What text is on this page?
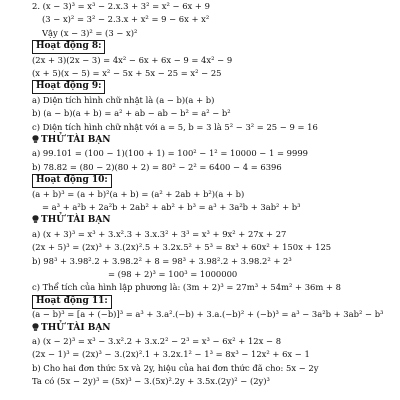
2. (x − 3)³ = x³ − 2.x.3 + 3² = x² − 6x + 9
(3 − x)² = 3² − 2.3.x + x² = 9 − 6x + x²
Vậy (x − 3)² = (3 − x)²
Hoạt động 8:
(2x + 3)(2x − 3) = 4x² − 6x + 6x − 9 = 4x² − 9
(x + 5)(x − 5) = x² − 5x + 5x − 25 = x² − 25
Hoạt động 9:
a) Diện tích hình chữ nhật là (a − b)(a + b)
b) (a − b)(a + b) = a² + ab − ab − b² = a² − b²
c) Diện tích hình chữ nhật với a = 5, b = 3 là 5² − 3² = 25 − 9 = 16
THỬ TÀI BẠN
a) 99.101 = (100 − 1)(100 + 1) = 100² − 1² = 10000 − 1 = 9999
b) 78.82 = (80 − 2)(80 + 2) = 80² − 2² = 6400 − 4 = 6396
Hoạt động 10:
(a + b)³ = (a + b)²(a + b) = (a² + 2ab + b²)(a + b)
= a³ + a²b + 2a²b + 2ab² + ab² + b³ = a³ + 3a²b + 3ab² + b³
THỬ TÀI BẠN
a) (x + 3)³ = x³ + 3.x².3 + 3.x.3² + 3³ = x³ + 9x² + 27x + 27
(2x + 5)³ = (2x)³ + 3.(2x)².5 + 3.2x.5² + 5³ = 8x³ + 60x² + 150x + 125
b) 98³ + 3.98².2 + 3.98.2² + 8 = 98³ + 3.98².2 + 3.98.2² + 2³
= (98 + 2)³ = 100³ = 1000000
c) Thể tích của hình lập phương là: (3m + 2)³ = 27m³ + 54m² + 36m + 8
Hoạt động 11:
(a − b)³ = [a + (−b)]³ = a³ + 3.a².(−b) + 3.a.(−b)² + (−b)³ = a³ − 3a²b + 3ab² − b³
THỬ TÀI BẠN
a) (x − 2)³ = x³ − 3.x².2 + 3.x.2² − 2³ = x³ − 6x² + 12x − 8
(2x − 1)³ = (2x)³ − 3.(2x)².1 + 3.2x.1² − 1³ = 8x³ − 12x² + 6x − 1
b) Cho hai đơn thức 5x và 2y, hiệu của hai đơn thức đã cho: 5x − 2y
Ta có (5x − 2y)³ = (5x)³ − 3.(5x)².2y + 3.5x.(2y)² − (2y)³
